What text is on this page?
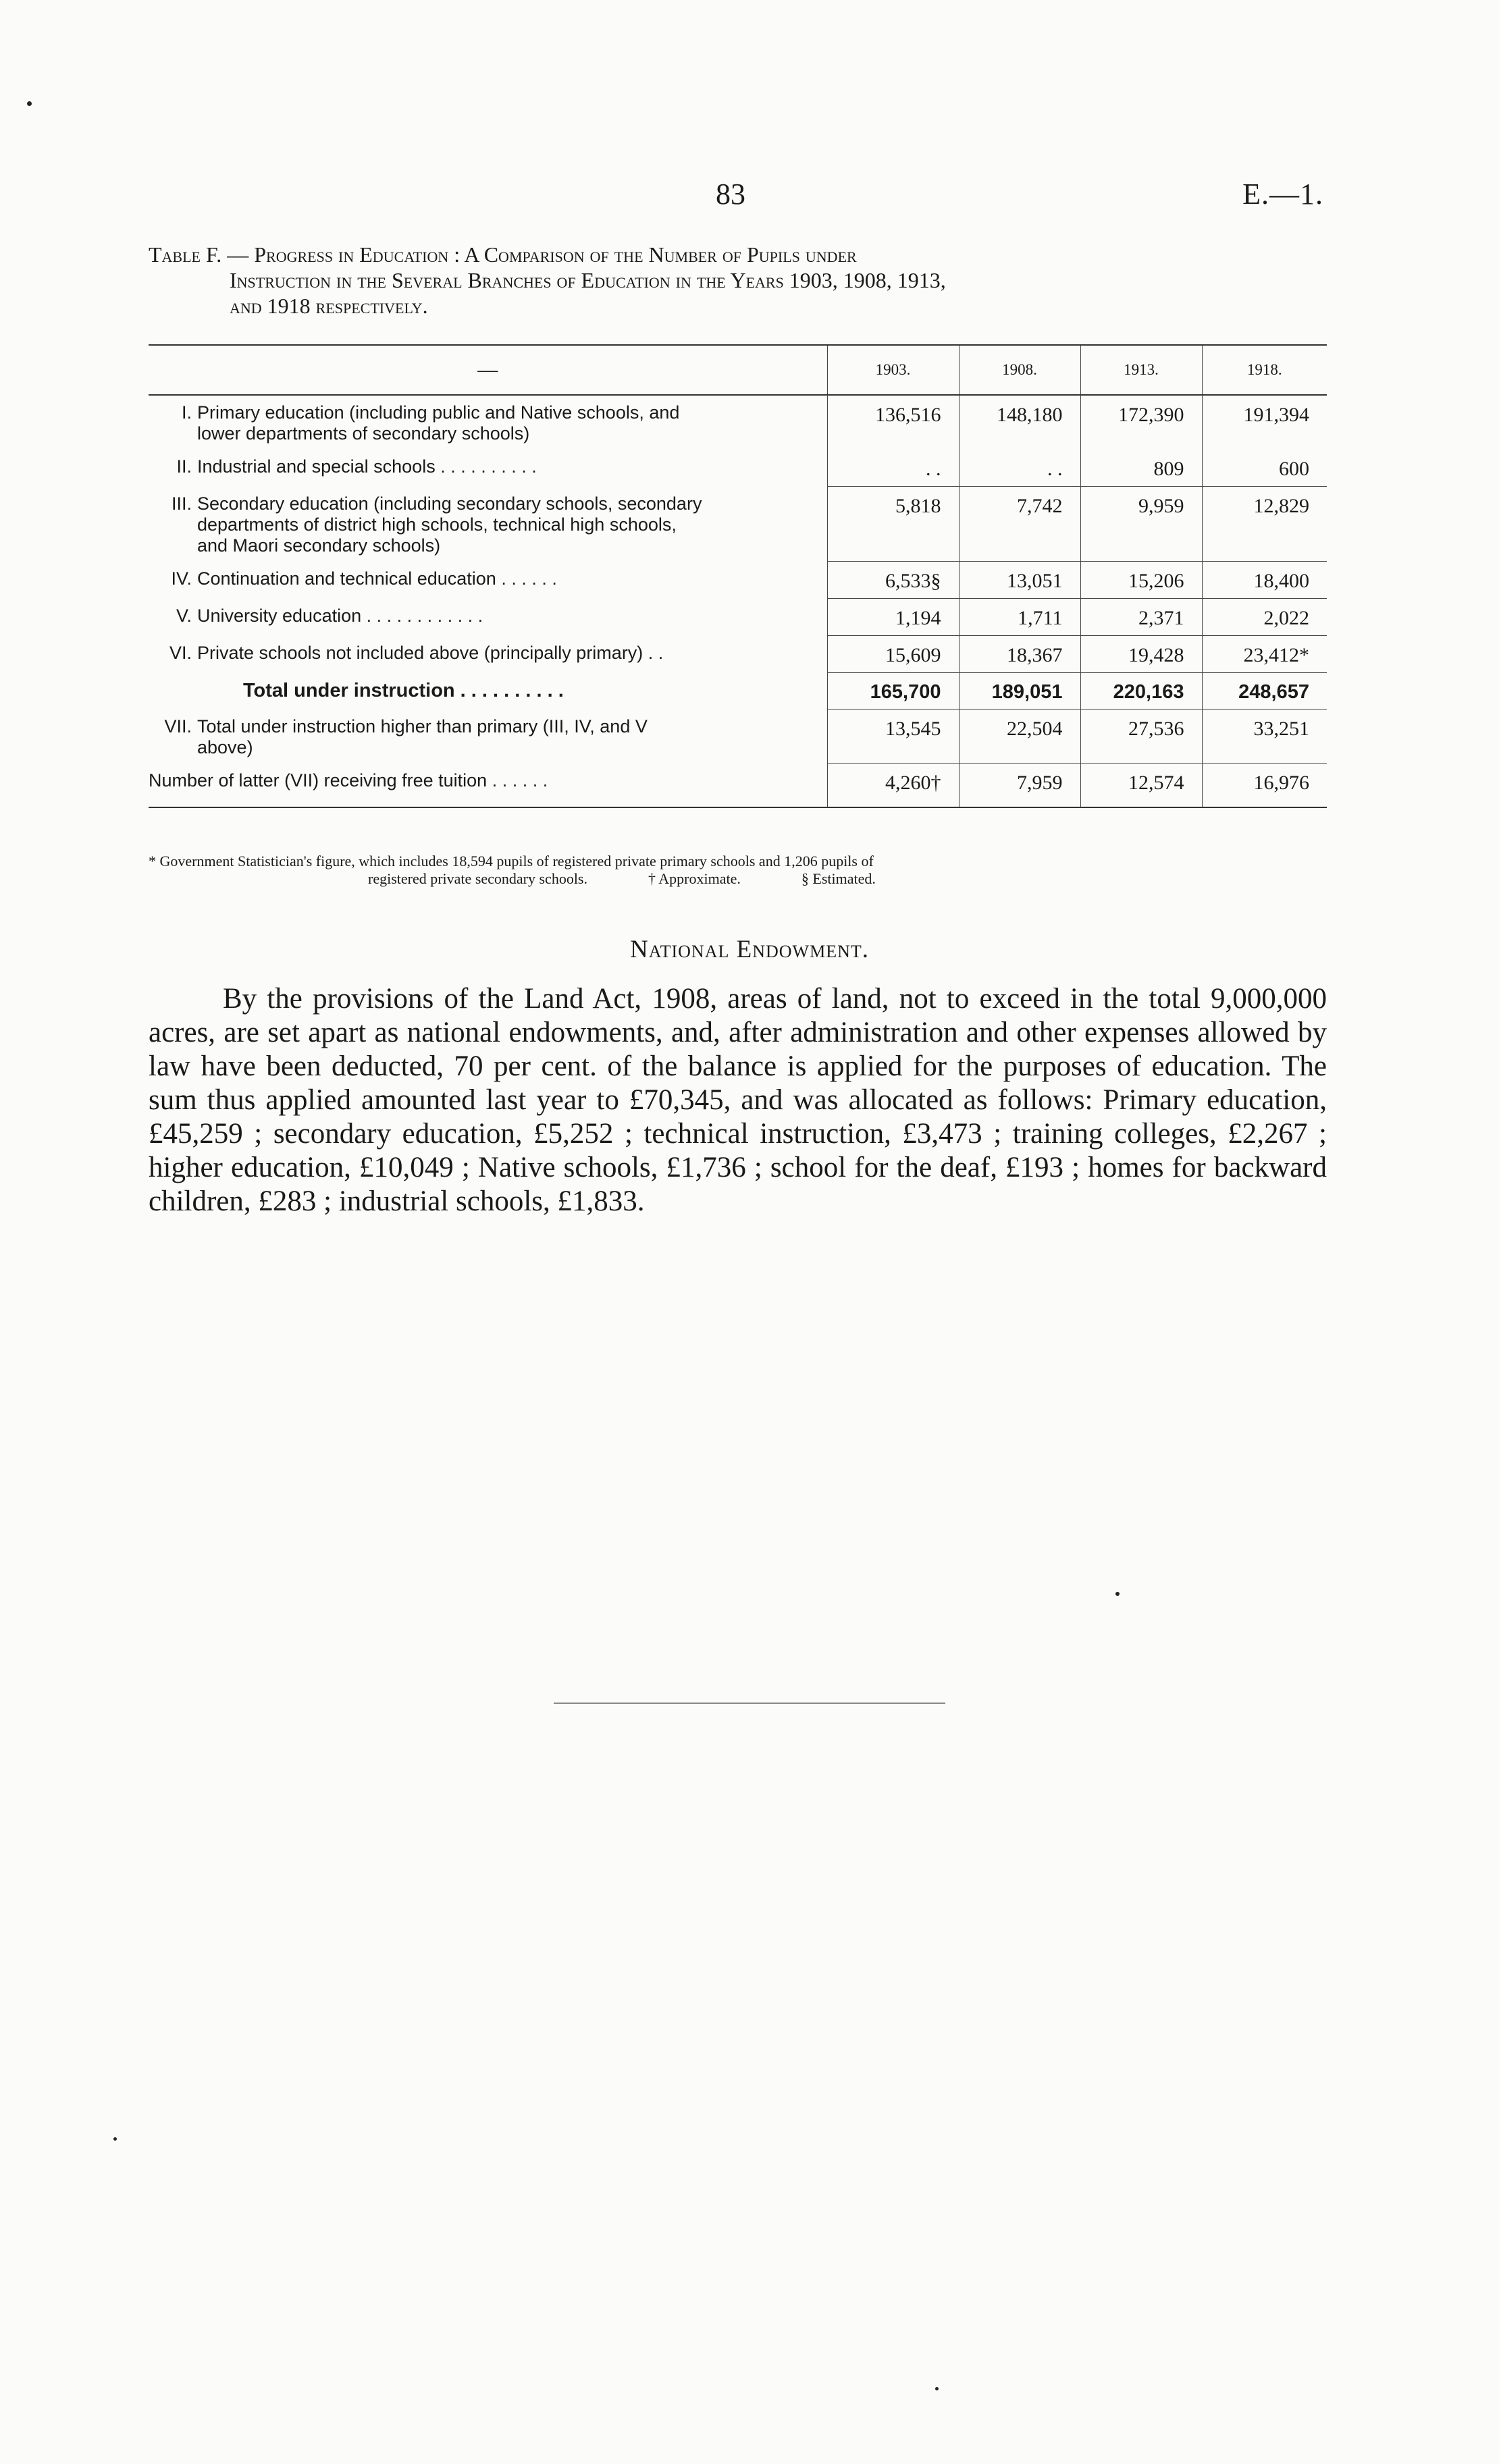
83	E.—1.
Table F. — Progress in Education : A Comparison of the Number of Pupils under
Instruction in the Several Branches of Education in the Years 1903, 1908, 1913,
and 1918 respectively.
—	1903.	1908.	1913.	1918.

I. Primary education (including public and Native schools, and
lower departments of secondary schools)	136,516	148,180	172,390	191,394

II. Industrial and special schools . . . . . . . . . .	. .	. .	809	600

III. Secondary education (including secondary schools, secondary
departments of district high schools, technical high schools,
and Maori secondary schools)	5,818	7,742	9,959	12,829

IV. Continuation and technical education . . . . . .	6,533§	13,051	15,206	18,400

V. University education . . . . . . . . . . . .	1,194	1,711	2,371	2,022

VI. Private schools not included above (principally primary) . .	15,609	18,367	19,428	23,412*
Total under instruction . . . . . . . . . .	165,700	189,051	220,163	248,657

VII. Total under instruction higher than primary (III, IV, and V
above)	13,545	22,504	27,536	33,251
Number of latter (VII) receiving free tuition . . . . . .	4,260†	7,959	12,574	16,976
* Government Statistician's figure, which includes 18,594 pupils of registered private primary schools and 1,206 pupils of
registered private secondary schools.	† Approximate.	§ Estimated.
National Endowment.

By the provisions of the Land Act, 1908, areas of land, not to exceed in the total 9,000,000 acres, are set apart as national endowments, and, after administration and other expenses allowed by law have been deducted, 70 per cent. of the balance is applied for the purposes of education. The sum thus applied amounted last year to £70,345, and was allocated as follows: Primary education, £45,259 ; secondary education, £5,252 ; technical instruction, £3,473 ; training colleges, £2,267 ; higher education, £10,049 ; Native schools, £1,736 ; school for the deaf, £193 ; homes for backward children, £283 ; industrial schools, £1,833.
